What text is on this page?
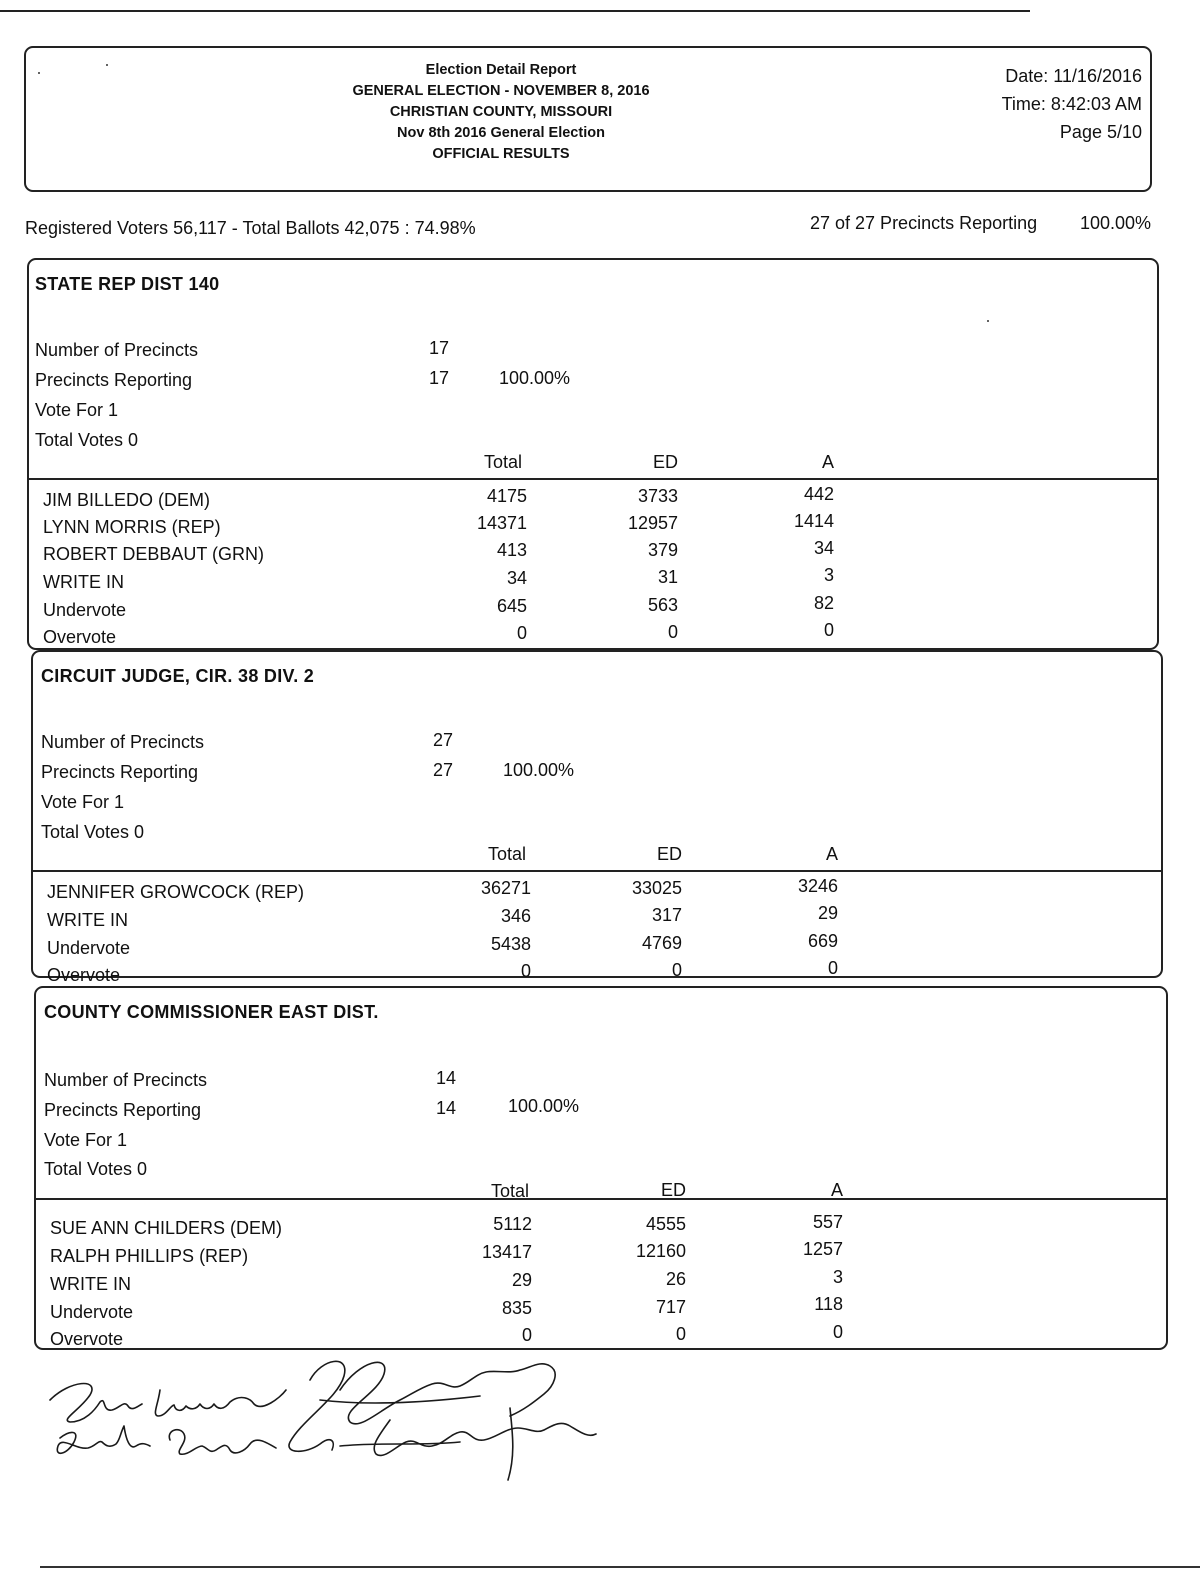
Election Detail Report
GENERAL ELECTION - NOVEMBER 8, 2016
CHRISTIAN COUNTY, MISSOURI
Nov 8th 2016 General Election
OFFICIAL RESULTS
Date: 11/16/2016
Time: 8:42:03 AM
Page 5/10
Registered Voters 56,117 - Total Ballots 42,075 : 74.98%	27 of 27 Precincts Reporting 100.00%
STATE REP DIST 140
Number of Precincts	17
Precincts Reporting	17	100.00%
Vote For 1
Total Votes 0
Total	ED	A
JIM BILLEDO (DEM)	4175	3733	442
LYNN MORRIS (REP)	14371	12957	1414
ROBERT DEBBAUT (GRN)	413	379	34
WRITE IN	34	31	3
Undervote	645	563	82
Overvote	0	0	0
CIRCUIT JUDGE, CIR. 38 DIV. 2
Number of Precincts	27
Precincts Reporting	27	100.00%
Vote For 1
Total Votes 0
Total	ED	A
JENNIFER GROWCOCK (REP)	36271	33025	3246
WRITE IN	346	317	29
Undervote	5438	4769	669
Overvote	0	0	0
COUNTY COMMISSIONER EAST DIST.
Number of Precincts	14
Precincts Reporting	14	100.00%
Vote For 1
Total Votes 0
Total	ED	A
SUE ANN CHILDERS (DEM)	5112	4555	557
RALPH PHILLIPS (REP)	13417	12160	1257
WRITE IN	29	26	3
Undervote	835	717	118
Overvote	0	0	0
